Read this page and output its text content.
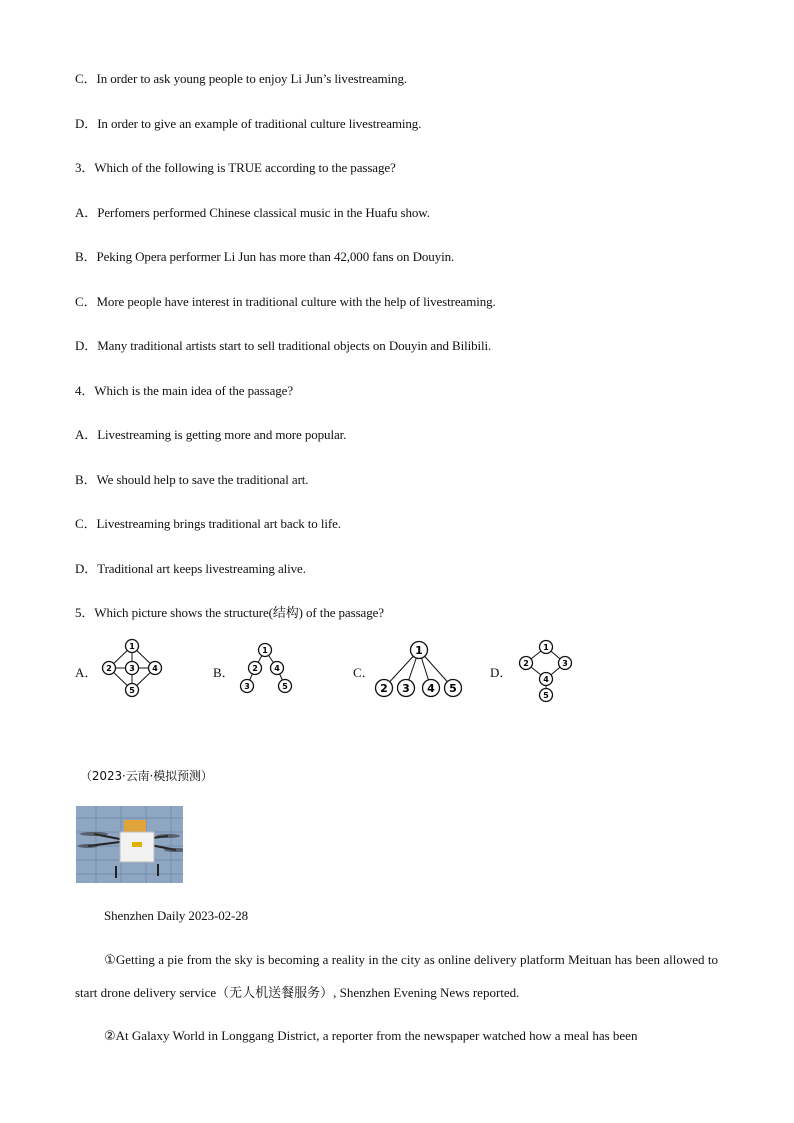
C．In order to ask young people to enjoy Li Jun’s livestreaming.
D．In order to give an example of traditional culture livestreaming.
3．Which of the following is TRUE according to the passage?
A．Perfomers performed Chinese classical music in the Huafu show.
B．Peking Opera performer Li Jun has more than 42,000 fans on Douyin.
C．More people have interest in traditional culture with the help of livestreaming.
D．Many traditional artists start to sell traditional objects on Douyin and Bilibili.
4．Which is the main idea of the passage?
A．Livestreaming is getting more and more popular.
B．We should help to save the traditional art.
C．Livestreaming brings traditional art back to life.
D．Traditional art keeps livestreaming alive.
5．Which picture shows the structure(结构) of the passage?
A．
1
2 3 4
5
B．
1
2
3
4
5
C．
1
2 3 4 5
D．
1
2	3
4
5
（2023·云南·模拟预测）
Shenzhen Daily 2023-02-28
①Getting a pie from the sky is becoming a reality in the city as online delivery platform Meituan has been allowed to start drone delivery service（无人机送餐服务）, Shenzhen Evening News reported.
②At Galaxy World in Longgang District, a reporter from the newspaper watched how a meal has been
